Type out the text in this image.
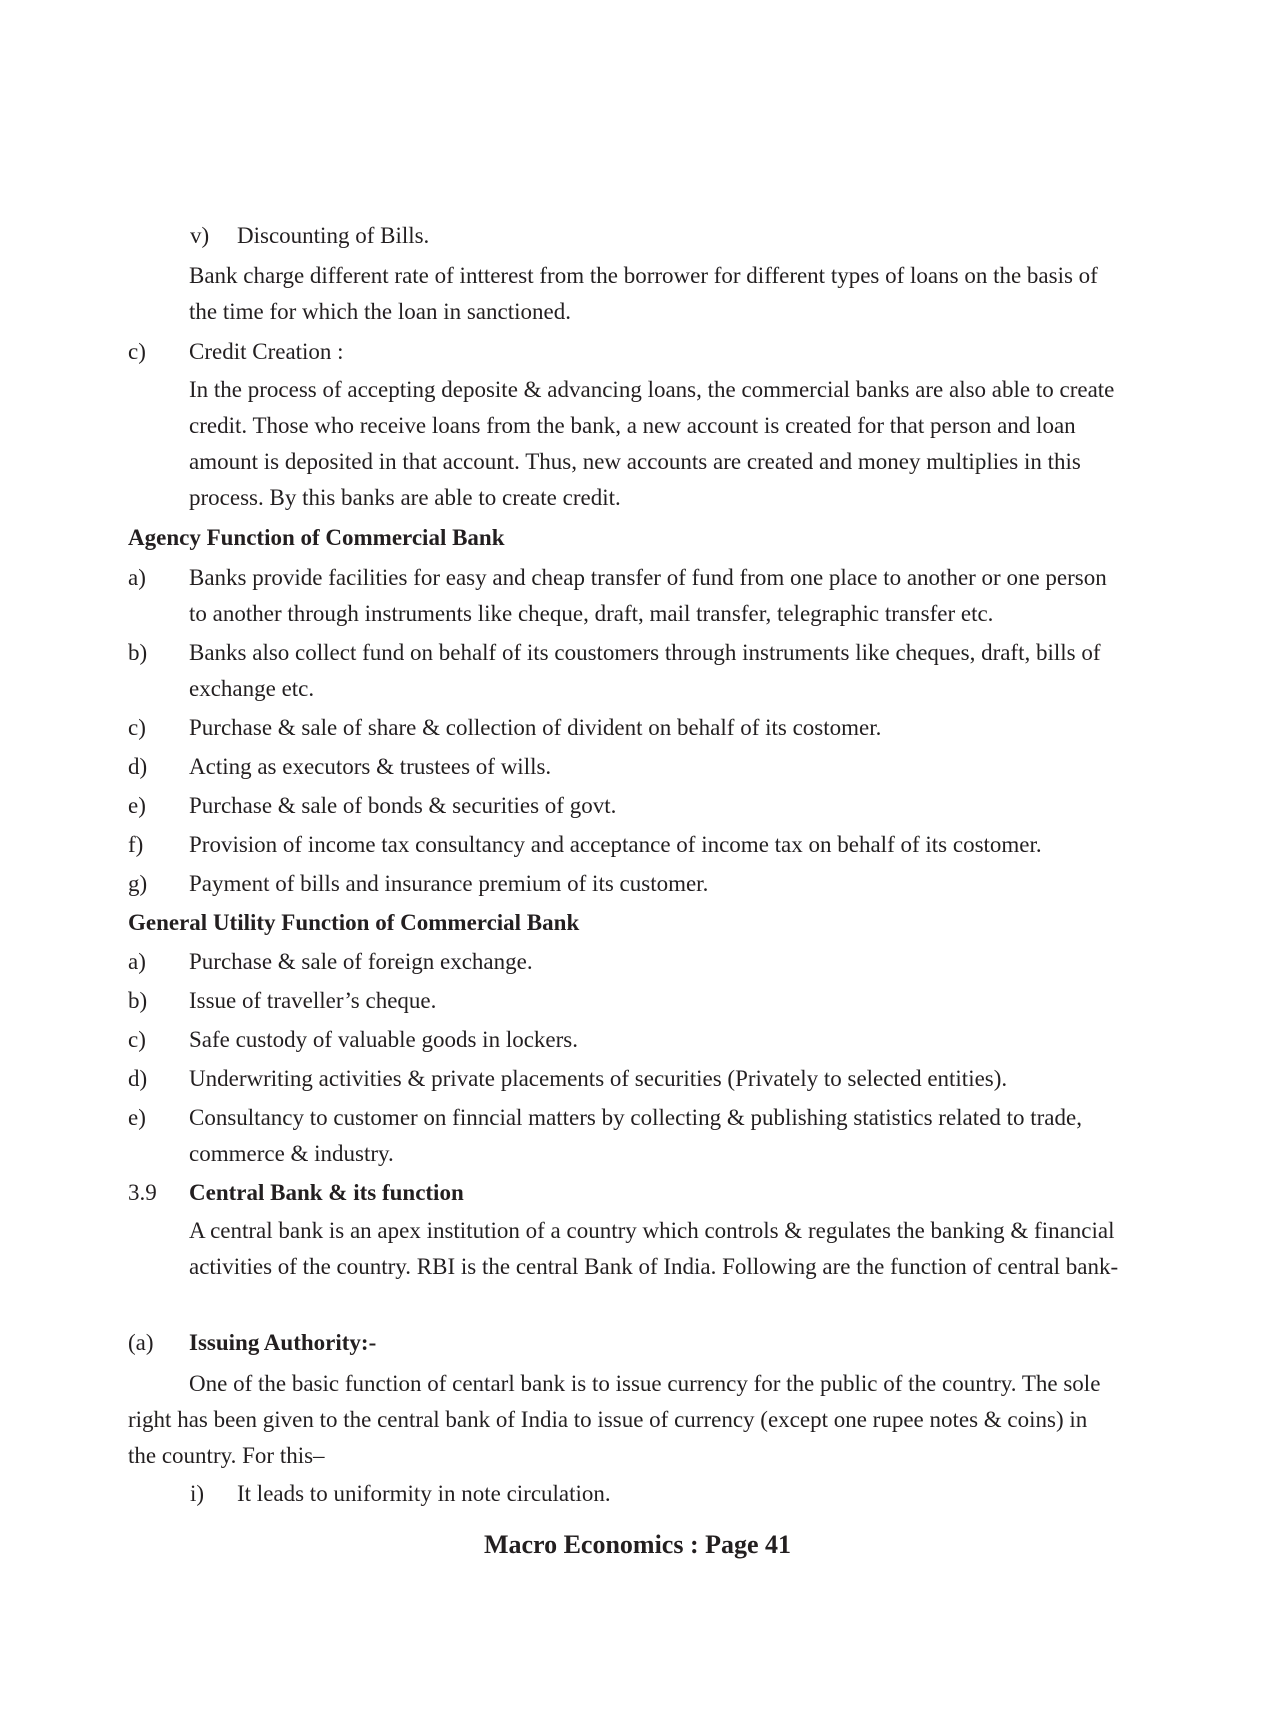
v) Discounting of Bills.
Bank charge different rate of intterest from the borrower for different types of loans on the basis of the time for which the loan in sanctioned.
c) Credit Creation :
In the process of accepting deposite & advancing loans, the commercial banks are also able to create credit. Those who receive loans from the bank, a new account is created for that person and loan amount is deposited in that account. Thus, new accounts are created and money multiplies in this process. By this banks are able to create credit.
Agency Function of Commercial Bank
a) Banks provide facilities for easy and cheap transfer of fund from one place to another or one person to another through instruments like cheque, draft, mail transfer, telegraphic transfer etc.
b) Banks also collect fund on behalf of its coustomers through instruments like cheques, draft, bills of exchange etc.
c) Purchase & sale of share & collection of divident on behalf of its costomer.
d) Acting as executors & trustees of wills.
e) Purchase & sale of bonds & securities of govt.
f) Provision of income tax consultancy and acceptance of income tax on behalf of its costomer.
g) Payment of bills and insurance premium of its customer.
General Utility Function of Commercial Bank
a) Purchase & sale of foreign exchange.
b) Issue of traveller’s cheque.
c) Safe custody of valuable goods in lockers.
d) Underwriting activities & private placements of securities (Privately to selected entities).
e) Consultancy to customer on finncial matters by collecting & publishing statistics related to trade, commerce & industry.
3.9 Central Bank & its function
A central bank is an apex institution of a country which controls & regulates the banking & financial activities of the country. RBI is the central Bank of India. Following are the function of central bank-
(a) Issuing Authority:-
One of the basic function of centarl bank is to issue currency for the public of the country. The sole right has been given to the central bank of India to issue of currency (except one rupee notes & coins) in the country. For this–
i) It leads to uniformity in note circulation.
Macro Economics : Page 41
